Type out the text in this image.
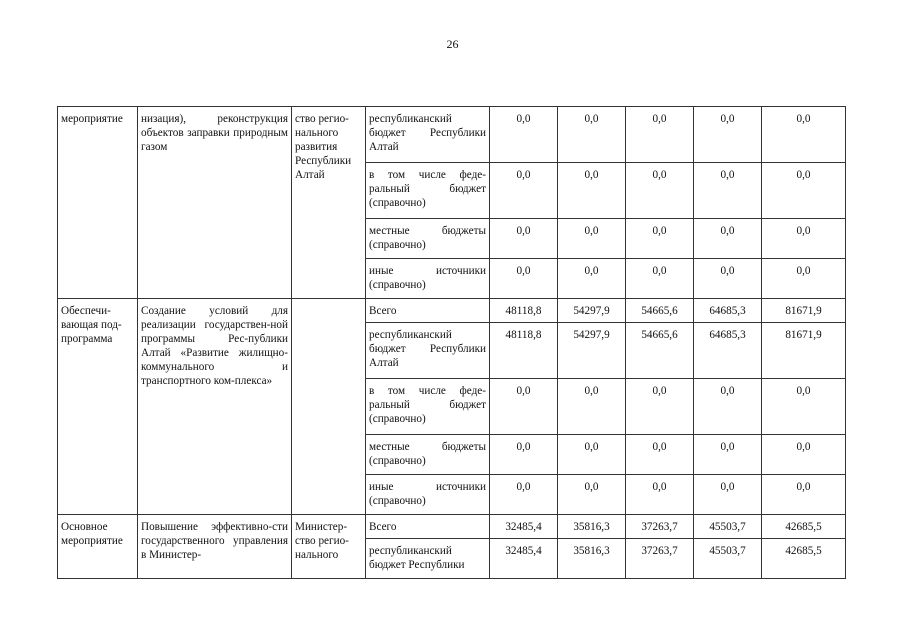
26
мероприятие	низация), реконструкция объектов заправки природным газом	ство регио-нального развития Республики Алтай	республиканский бюджет Республики Алтай	0,0	0,0	0,0	0,0	0,0
			в том числе феде-ральный бюджет (справочно)	0,0	0,0	0,0	0,0	0,0
			местные бюджеты (справочно)	0,0	0,0	0,0	0,0	0,0
			иные источники (справочно)	0,0	0,0	0,0	0,0	0,0
Обеспечи-вающая под-программа	Создание условий для реализации государствен-ной программы Рес-публики Алтай «Развитие жилищно-коммунального и транспортного ком-плекса»		Всего	48118,8	54297,9	54665,6	64685,3	81671,9
			республиканский бюджет Республики Алтай	48118,8	54297,9	54665,6	64685,3	81671,9
			в том числе феде-ральный бюджет (справочно)	0,0	0,0	0,0	0,0	0,0
			местные бюджеты (справочно)	0,0	0,0	0,0	0,0	0,0
			иные источники (справочно)	0,0	0,0	0,0	0,0	0,0
Основное мероприятие	Повышение эффективно-сти государственного управления в Министер-	Министер-ство регио-нального	Всего	32485,4	35816,3	37263,7	45503,7	42685,5
			республиканский бюджет Республики	32485,4	35816,3	37263,7	45503,7	42685,5
